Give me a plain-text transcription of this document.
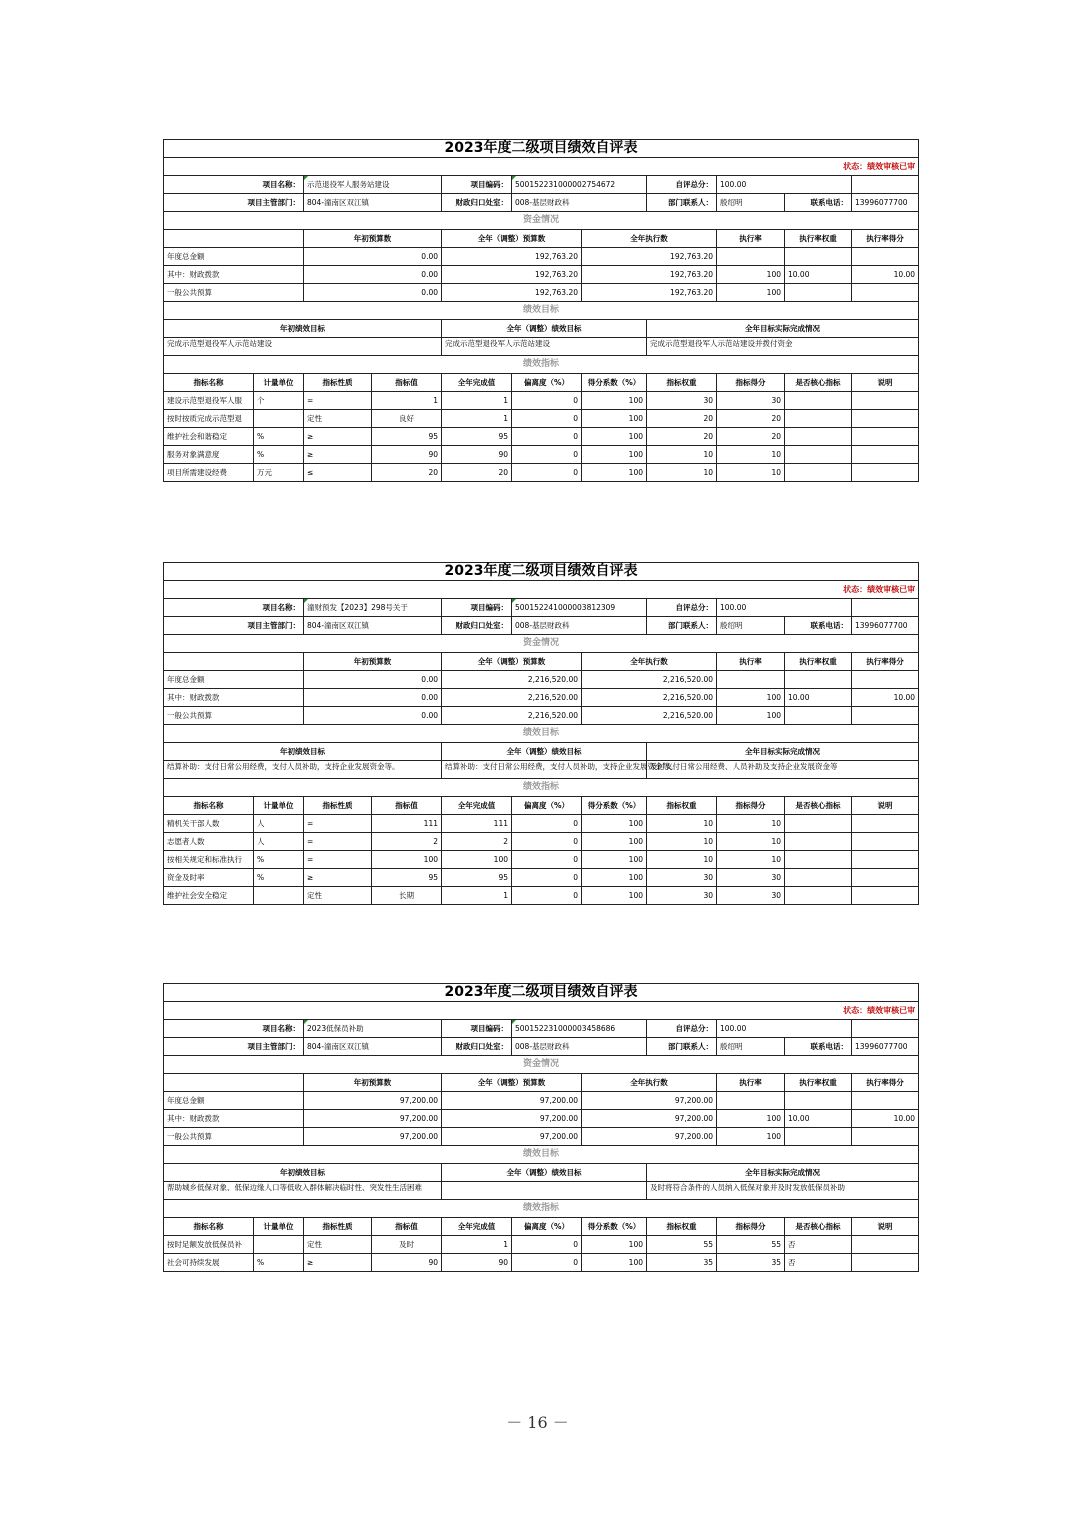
2023年度二级项目绩效自评表										
状态：绩效审核已审										
项目名称：		示范退役军人服务站建设		项目编码：	500152231000002754672		自评总分：	100.00		
项目主管部门：		804-潼南区双江镇		财政归口处室：	008-基层财政科		部门联系人：	殷绍明	联系电话：	13996077700
资金情况										
		年初预算数		全年（调整）预算数		全年执行数		执行率	执行率权重	执行率得分
年度总金额		0.00		192,763.20		192,763.20				
其中：财政拨款		0.00		192,763.20		192,763.20		100	10.00	10.00
一般公共预算		0.00		192,763.20		192,763.20		100		
绩效目标										
年初绩效目标				全年（调整）绩效目标			全年目标实际完成情况			
完成示范型退役军人示范站建设				完成示范型退役军人示范站建设			完成示范型退役军人示范站建设并拨付资金			
绩效指标										
指标名称	计量单位	指标性质	指标值	全年完成值	偏离度（%）	得分系数（%）	指标权重	指标得分	是否核心指标	说明
建设示范型退役军人服	个	=	1	1	0	100	30	30		
按时按质完成示范型退		定性	良好	1	0	100	20	20		
维护社会和谐稳定	%	≥	95	95	0	100	20	20		
服务对象满意度	%	≥	90	90	0	100	10	10		
项目所需建设经费	万元	≤	20	20	0	100	10	10		
2023年度二级项目绩效自评表										
状态：绩效审核已审										
项目名称：		潼财预发【2023】298号关于		项目编码：	500152241000003812309		自评总分：	100.00		
项目主管部门：		804-潼南区双江镇		财政归口处室：	008-基层财政科		部门联系人：	殷绍明	联系电话：	13996077700
资金情况										
		年初预算数		全年（调整）预算数		全年执行数		执行率	执行率权重	执行率得分
年度总金额		0.00		2,216,520.00		2,216,520.00				
其中：财政拨款		0.00		2,216,520.00		2,216,520.00		100	10.00	10.00
一般公共预算		0.00		2,216,520.00		2,216,520.00		100		
绩效目标										
年初绩效目标				全年（调整）绩效目标			全年目标实际完成情况			
结算补助：支付日常公用经费，支付人员补助，支持企业发展资金等。				结算补助：支付日常公用经费，支付人员补助，支持企业发展资金等。			及时支付日常公用经费、人员补助及支持企业发展资金等			
绩效指标										
指标名称	计量单位	指标性质	指标值	全年完成值	偏离度（%）	得分系数（%）	指标权重	指标得分	是否核心指标	说明
精机关干部人数	人	=	111	111	0	100	10	10		
志愿者人数	人	=	2	2	0	100	10	10		
按相关规定和标准执行	%	=	100	100	0	100	10	10		
资金及时率	%	≥	95	95	0	100	30	30		
维护社会安全稳定		定性	长期	1	0	100	30	30		
2023年度二级项目绩效自评表										
状态：绩效审核已审										
项目名称：		2023低保员补助		项目编码：	500152231000003458686		自评总分：	100.00		
项目主管部门：		804-潼南区双江镇		财政归口处室：	008-基层财政科		部门联系人：	殷绍明	联系电话：	13996077700
资金情况										
		年初预算数		全年（调整）预算数		全年执行数		执行率	执行率权重	执行率得分
年度总金额		97,200.00		97,200.00		97,200.00				
其中：财政拨款		97,200.00		97,200.00		97,200.00		100	10.00	10.00
一般公共预算		97,200.00		97,200.00		97,200.00		100		
绩效目标										
年初绩效目标				全年（调整）绩效目标			全年目标实际完成情况			
帮助城乡低保对象、低保边缘人口等低收入群体解决临时性、突发性生活困难							及时将符合条件的人员纳入低保对象并及时发放低保员补助			
绩效指标										
指标名称	计量单位	指标性质	指标值	全年完成值	偏离度（%）	得分系数（%）	指标权重	指标得分	是否核心指标	说明
按时足额发放低保员补		定性	及时	1	0	100	55	55	否	
社会可持续发展	%	≥	90	90	0	100	35	35	否	
－ 16 －
